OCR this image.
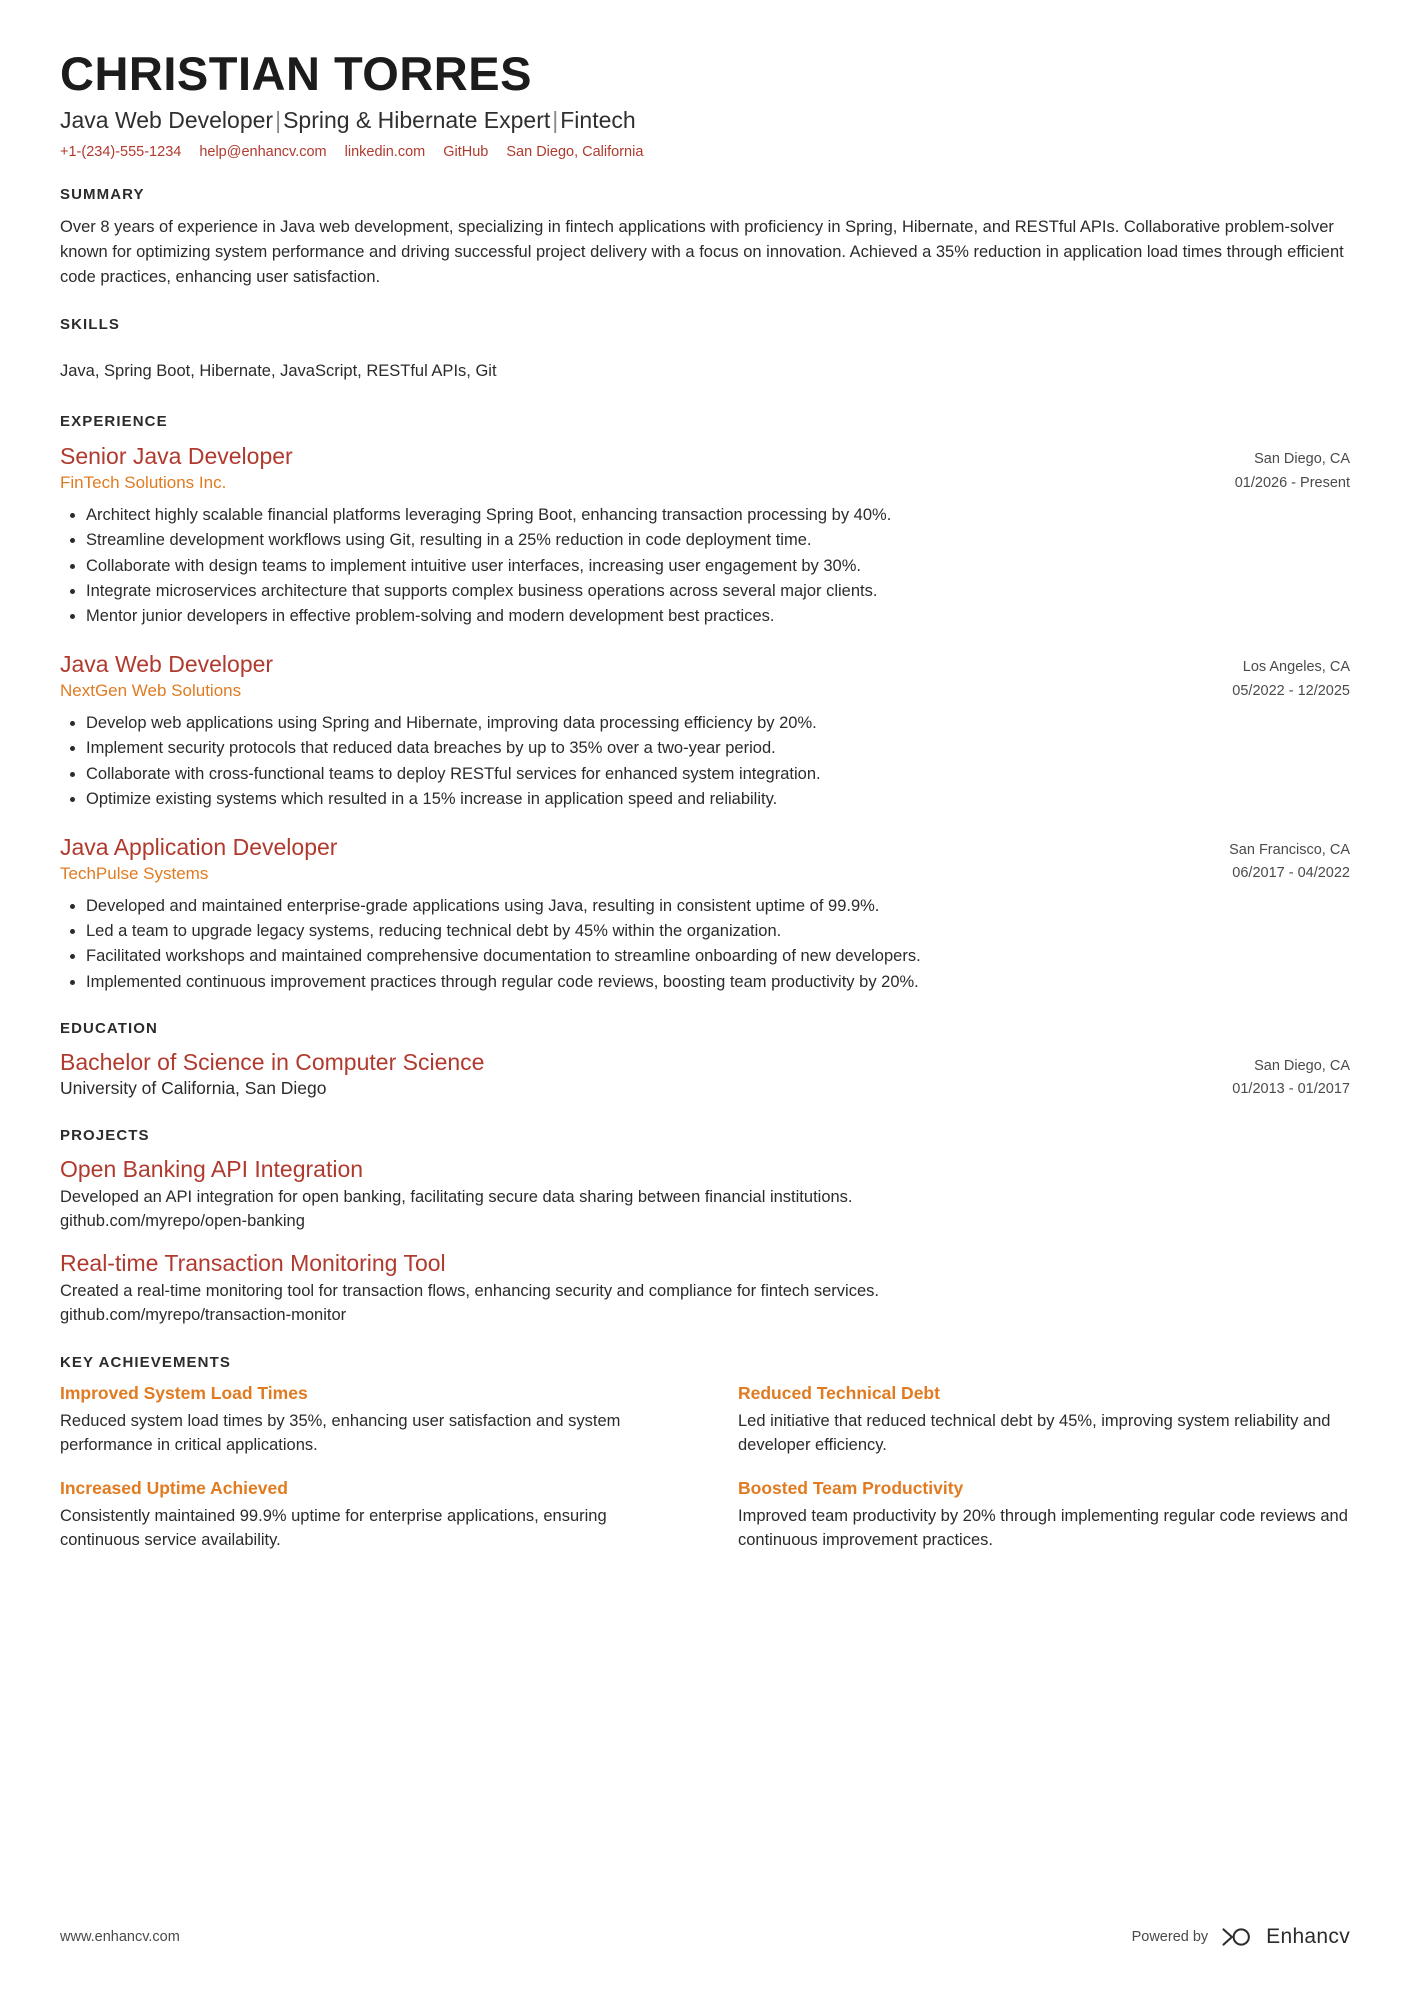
CHRISTIAN TORRES
Java Web Developer|Spring & Hibernate Expert|Fintech
+1-(234)-555-1234 help@enhancv.com linkedin.com GitHub San Diego, California
SUMMARY

Over 8 years of experience in Java web development, specializing in fintech applications with proficiency in Spring, Hibernate, and RESTful APIs. Collaborative problem-solver known for optimizing system performance and driving successful project delivery with a focus on innovation. Achieved a 35% reduction in application load times through efficient code practices, enhancing user satisfaction.

SKILLS

Java, Spring Boot, Hibernate, JavaScript, RESTful APIs, Git

EXPERIENCE
Senior Java Developer
FinTech Solutions Inc.
San Diego, CA
01/2026 - Present
• Architect highly scalable financial platforms leveraging Spring Boot, enhancing transaction processing by 40%.
• Streamline development workflows using Git, resulting in a 25% reduction in code deployment time.
• Collaborate with design teams to implement intuitive user interfaces, increasing user engagement by 30%.
• Integrate microservices architecture that supports complex business operations across several major clients.
• Mentor junior developers in effective problem-solving and modern development best practices.
Java Web Developer
NextGen Web Solutions
Los Angeles, CA
05/2022 - 12/2025
• Develop web applications using Spring and Hibernate, improving data processing efficiency by 20%.
• Implement security protocols that reduced data breaches by up to 35% over a two-year period.
• Collaborate with cross-functional teams to deploy RESTful services for enhanced system integration.
• Optimize existing systems which resulted in a 15% increase in application speed and reliability.
Java Application Developer
TechPulse Systems
San Francisco, CA
06/2017 - 04/2022
• Developed and maintained enterprise-grade applications using Java, resulting in consistent uptime of 99.9%.
• Led a team to upgrade legacy systems, reducing technical debt by 45% within the organization.
• Facilitated workshops and maintained comprehensive documentation to streamline onboarding of new developers.
• Implemented continuous improvement practices through regular code reviews, boosting team productivity by 20%.
EDUCATION
Bachelor of Science in Computer Science
University of California, San Diego
San Diego, CA
01/2013 - 01/2017
PROJECTS
Open Banking API Integration

Developed an API integration for open banking, facilitating secure data sharing between financial institutions.

github.com/myrepo/open-banking

Real-time Transaction Monitoring Tool

Created a real-time monitoring tool for transaction flows, enhancing security and compliance for fintech services.

github.com/myrepo/transaction-monitor

KEY ACHIEVEMENTS
Improved System Load Times

Reduced system load times by 35%, enhancing user satisfaction and system performance in critical applications.

Reduced Technical Debt

Led initiative that reduced technical debt by 45%, improving system reliability and developer efficiency.

Increased Uptime Achieved

Consistently maintained 99.9% uptime for enterprise applications, ensuring continuous service availability.

Boosted Team Productivity

Improved team productivity by 20% through implementing regular code reviews and continuous improvement practices.

www.enhancv.com	Powered by	Enhancv
